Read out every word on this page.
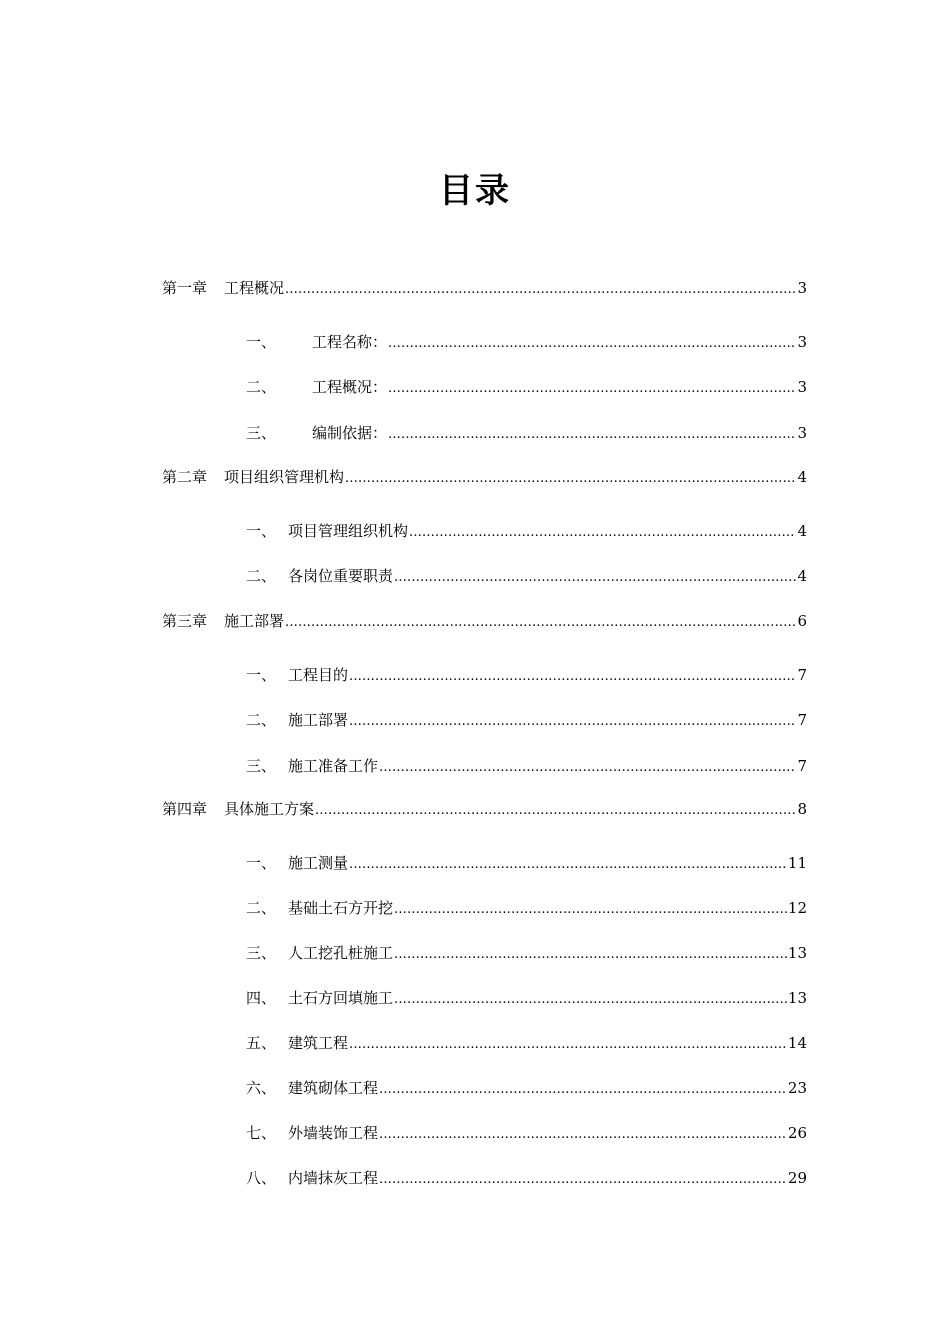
目录
第一章	工程概况 .....	3
一、	工程名称： .....	3
二、	工程概况： .....	3
三、	编制依据： .....	3
第二章	项目组织管理机构 .....	4
一、 项目管理组织机构 .....	4
二、 各岗位重要职责 .....	4
第三章	施工部署 .....	6
一、 工程目的 .....	7
二、 施工部署 .....	7
三、 施工准备工作 .....	7
第四章	具体施工方案 .....	8
一、 施工测量 .....	11
二、 基础土石方开挖 .....	12
三、 人工挖孔桩施工 .....	13
四、 土石方回填施工 .....	13
五、 建筑工程 .....	14
六、 建筑砌体工程 .....	23
七、 外墙装饰工程 .....	26
八、 内墙抹灰工程 .....	29
